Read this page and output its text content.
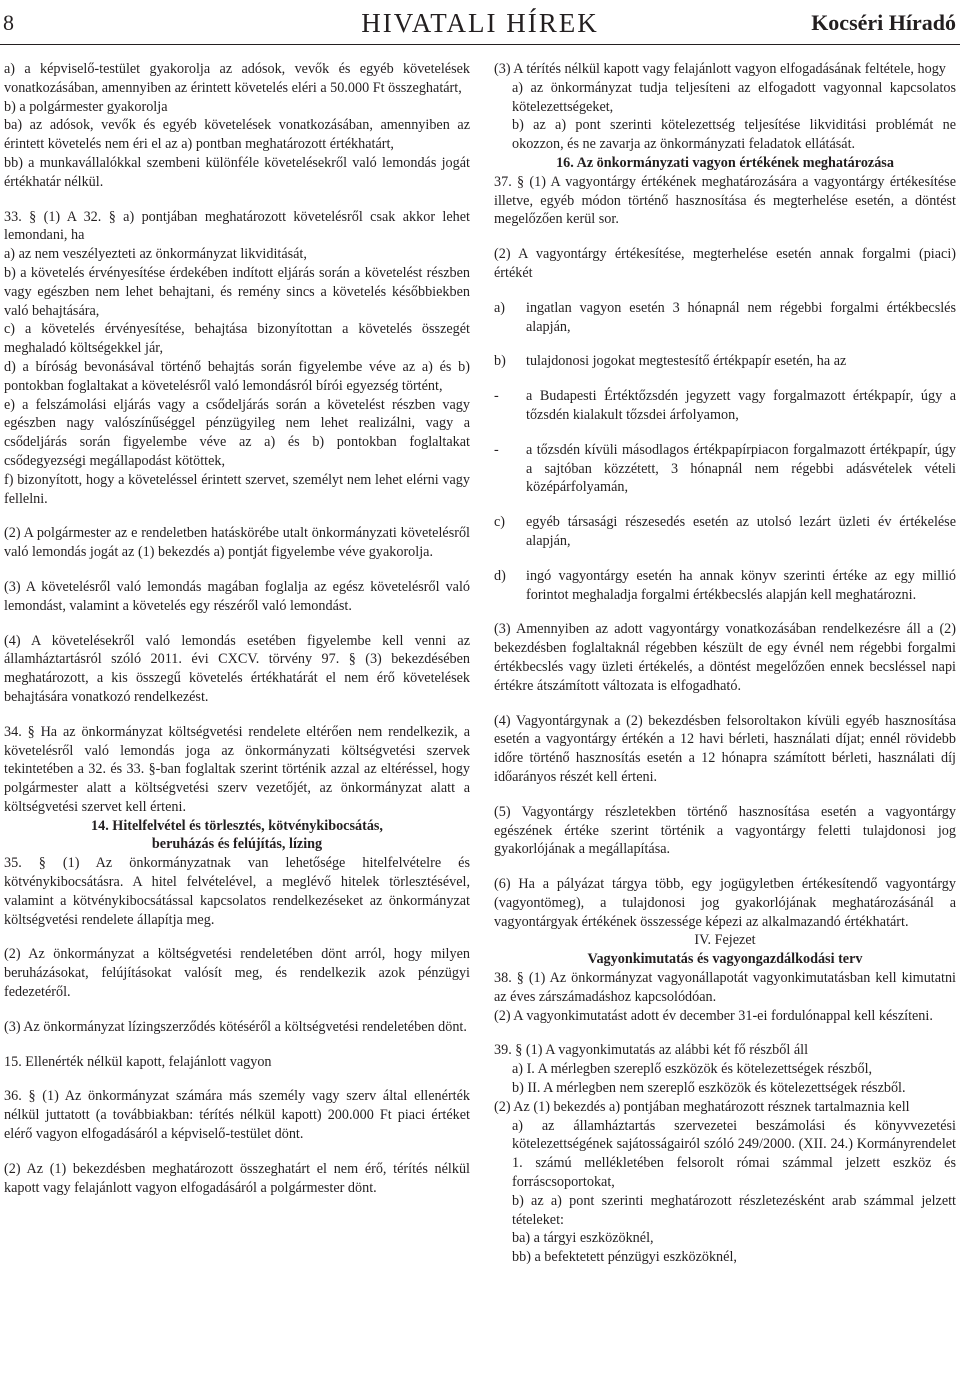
8	HIVATALI HÍREK	Kocséri Híradó

a) a képviselő-testület gyakorolja az adósok, vevők és egyéb követelések vonatkozásában, amennyiben az érintett követelés eléri a 50.000 Ft összeghatárt,

b) a polgármester gyakorolja

ba) az adósok, vevők és egyéb követelések vonatkozásában, amennyiben az érintett követelés nem éri el az a) pontban meghatározott értékhatárt,

bb) a munkavállalókkal szembeni különféle követelésekről való lemondás jogát értékhatár nélkül.

33. § (1) A 32. § a) pontjában meghatározott követelésről csak akkor lehet lemondani, ha

a) az nem veszélyezteti az önkormányzat likviditását,

b) a követelés érvényesítése érdekében indított eljárás során a követelést részben vagy egészben nem lehet behajtani, és remény sincs a követelés későbbiekben való behajtására,

c) a követelés érvényesítése, behajtása bizonyítottan a követelés összegét meghaladó költségekkel jár,

d) a bíróság bevonásával történő behajtás során figyelembe véve az a) és b) pontokban foglaltakat a követelésről való lemondásról bírói egyezség történt,

e) a felszámolási eljárás vagy a csődeljárás során a követelést részben vagy egészben nagy valószínűséggel pénzügyileg nem lehet realizálni, vagy a csődeljárás során figyelembe véve az a) és b) pontokban foglaltakat csődegyezségi megállapodást kötöttek,

f) bizonyított, hogy a követeléssel érintett szervet, személyt nem lehet elérni vagy fellelni.

(2) A polgármester az e rendeletben hatáskörébe utalt önkormányzati követelésről való lemondás jogát az (1) bekezdés a) pontját figyelembe véve gyakorolja.

(3) A követelésről való lemondás magában foglalja az egész követelésről való lemondást, valamint a követelés egy részéről való lemondást.

(4) A követelésekről való lemondás esetében figyelembe kell venni az államháztartásról szóló 2011. évi CXCV. törvény 97. § (3) bekezdésében meghatározott, a kis összegű követelés értékhatárát el nem érő követelések behajtására vonatkozó rendelkezést.

34. § Ha az önkormányzat költségvetési rendelete eltérően nem rendelkezik, a követelésről való lemondás joga az önkormányzati költségvetési szervek tekintetében a 32. és 33. §-ban foglaltak szerint történik azzal az eltéréssel, hogy polgármester alatt a költségvetési szerv vezetőjét, az önkormányzat alatt a költségvetési szervet kell érteni.

14. Hitelfelvétel és törlesztés, kötvénykibocsátás,

beruházás és felújítás, lízing

35. § (1) Az önkormányzatnak van lehetősége hitelfelvételre és kötvénykibocsátásra. A hitel felvételével, a meglévő hitelek törlesztésével, valamint a kötvénykibocsátással kapcsolatos rendelkezéseket az önkormányzat költségvetési rendelete állapítja meg.

(2) Az önkormányzat a költségvetési rendeletében dönt arról, hogy milyen beruházásokat, felújításokat valósít meg, és rendelkezik azok pénzügyi fedezetéről.

(3) Az önkormányzat lízingszerződés kötéséről a költségvetési rendeletében dönt.

15. Ellenérték nélkül kapott, felajánlott vagyon

36. § (1) Az önkormányzat számára más személy vagy szerv által ellenérték nélkül juttatott (a továbbiakban: térítés nélkül kapott) 200.000 Ft piaci értéket elérő vagyon elfogadásáról a képviselő-testület dönt.

(2) Az (1) bekezdésben meghatározott összeghatárt el nem érő, térítés nélkül kapott vagy felajánlott vagyon elfogadásáról a polgármester dönt.

(3) A térítés nélkül kapott vagy felajánlott vagyon elfogadásának feltétele, hogy

a) az önkormányzat tudja teljesíteni az elfogadott vagyonnal kapcsolatos kötelezettségeket,

b) az a) pont szerinti kötelezettség teljesítése likviditási problémát ne okozzon, és ne zavarja az önkormányzati feladatok ellátását.

16. Az önkormányzati vagyon értékének meghatározása

37. § (1) A vagyontárgy értékének meghatározására a vagyontárgy értékesítése illetve, egyéb módon történő hasznosítása és megterhelése esetén, a döntést megelőzően kerül sor.

(2) A vagyontárgy értékesítése, megterhelése esetén annak forgalmi (piaci) értékét

a)	ingatlan vagyon esetén 3 hónapnál nem régebbi forgalmi értékbecslés alapján,
b)	tulajdonosi jogokat megtestesítő értékpapír esetén, ha az
-	a Budapesti Értéktőzsdén jegyzett vagy forgalmazott értékpapír, úgy a tőzsdén kialakult tőzsdei árfolyamon,
-	a tőzsdén kívüli másodlagos értékpapírpiacon forgalmazott értékpapír, úgy a sajtóban közzétett, 3 hónapnál nem régebbi adásvételek vételi középárfolyamán,
c)	egyéb társasági részesedés esetén az utolsó lezárt üzleti év értékelése alapján,
d)	ingó vagyontárgy esetén ha annak könyv szerinti értéke az egy millió forintot meghaladja forgalmi értékbecslés alapján kell meghatározni.

(3) Amennyiben az adott vagyontárgy vonatkozásában rendelkezésre áll a (2) bekezdésben foglaltaknál régebben készült de egy évnél nem régebbi forgalmi értékbecslés vagy üzleti értékelés, a döntést megelőzően ennek becsléssel napi értékre átszámított változata is elfogadható.

(4) Vagyontárgynak a (2) bekezdésben felsoroltakon kívüli egyéb hasznosítása esetén a vagyontárgy értékén a 12 havi bérleti, használati díjat; ennél rövidebb időre történő hasznosítás esetén a 12 hónapra számított bérleti, használati díj időarányos részét kell érteni.

(5) Vagyontárgy részletekben történő hasznosítása esetén a vagyontárgy egészének értéke szerint történik a vagyontárgy feletti tulajdonosi jog gyakorlójának a megállapítása.

(6) Ha a pályázat tárgya több, egy jogügyletben értékesítendő vagyontárgy (vagyontömeg), a tulajdonosi jog gyakorlójának meghatározásánál a vagyontárgyak értékének összessége képezi az alkalmazandó értékhatárt.

IV. Fejezet

Vagyonkimutatás és vagyongazdálkodási terv

38. § (1) Az önkormányzat vagyonállapotát vagyonkimutatásban kell kimutatni az éves zárszámadáshoz kapcsolódóan.

(2) A vagyonkimutatást adott év december 31-ei fordulónappal kell készíteni.

39. § (1) A vagyonkimutatás az alábbi két fő részből áll

a) I. A mérlegben szereplő eszközök és kötelezettségek részből,

b) II. A mérlegben nem szereplő eszközök és kötelezettségek részből.

(2) Az (1) bekezdés a) pontjában meghatározott résznek tartalmaznia kell

a) az államháztartás szervezetei beszámolási és könyvvezetési kötelezettségének sajátosságairól szóló 249/2000. (XII. 24.) Kormányrendelet 1. számú mellékletében felsorolt római számmal jelzett eszköz és forráscsoportokat,

b) az a) pont szerinti meghatározott részletezésként arab számmal jelzett tételeket:

ba) a tárgyi eszközöknél,

bb) a befektetett pénzügyi eszközöknél,
